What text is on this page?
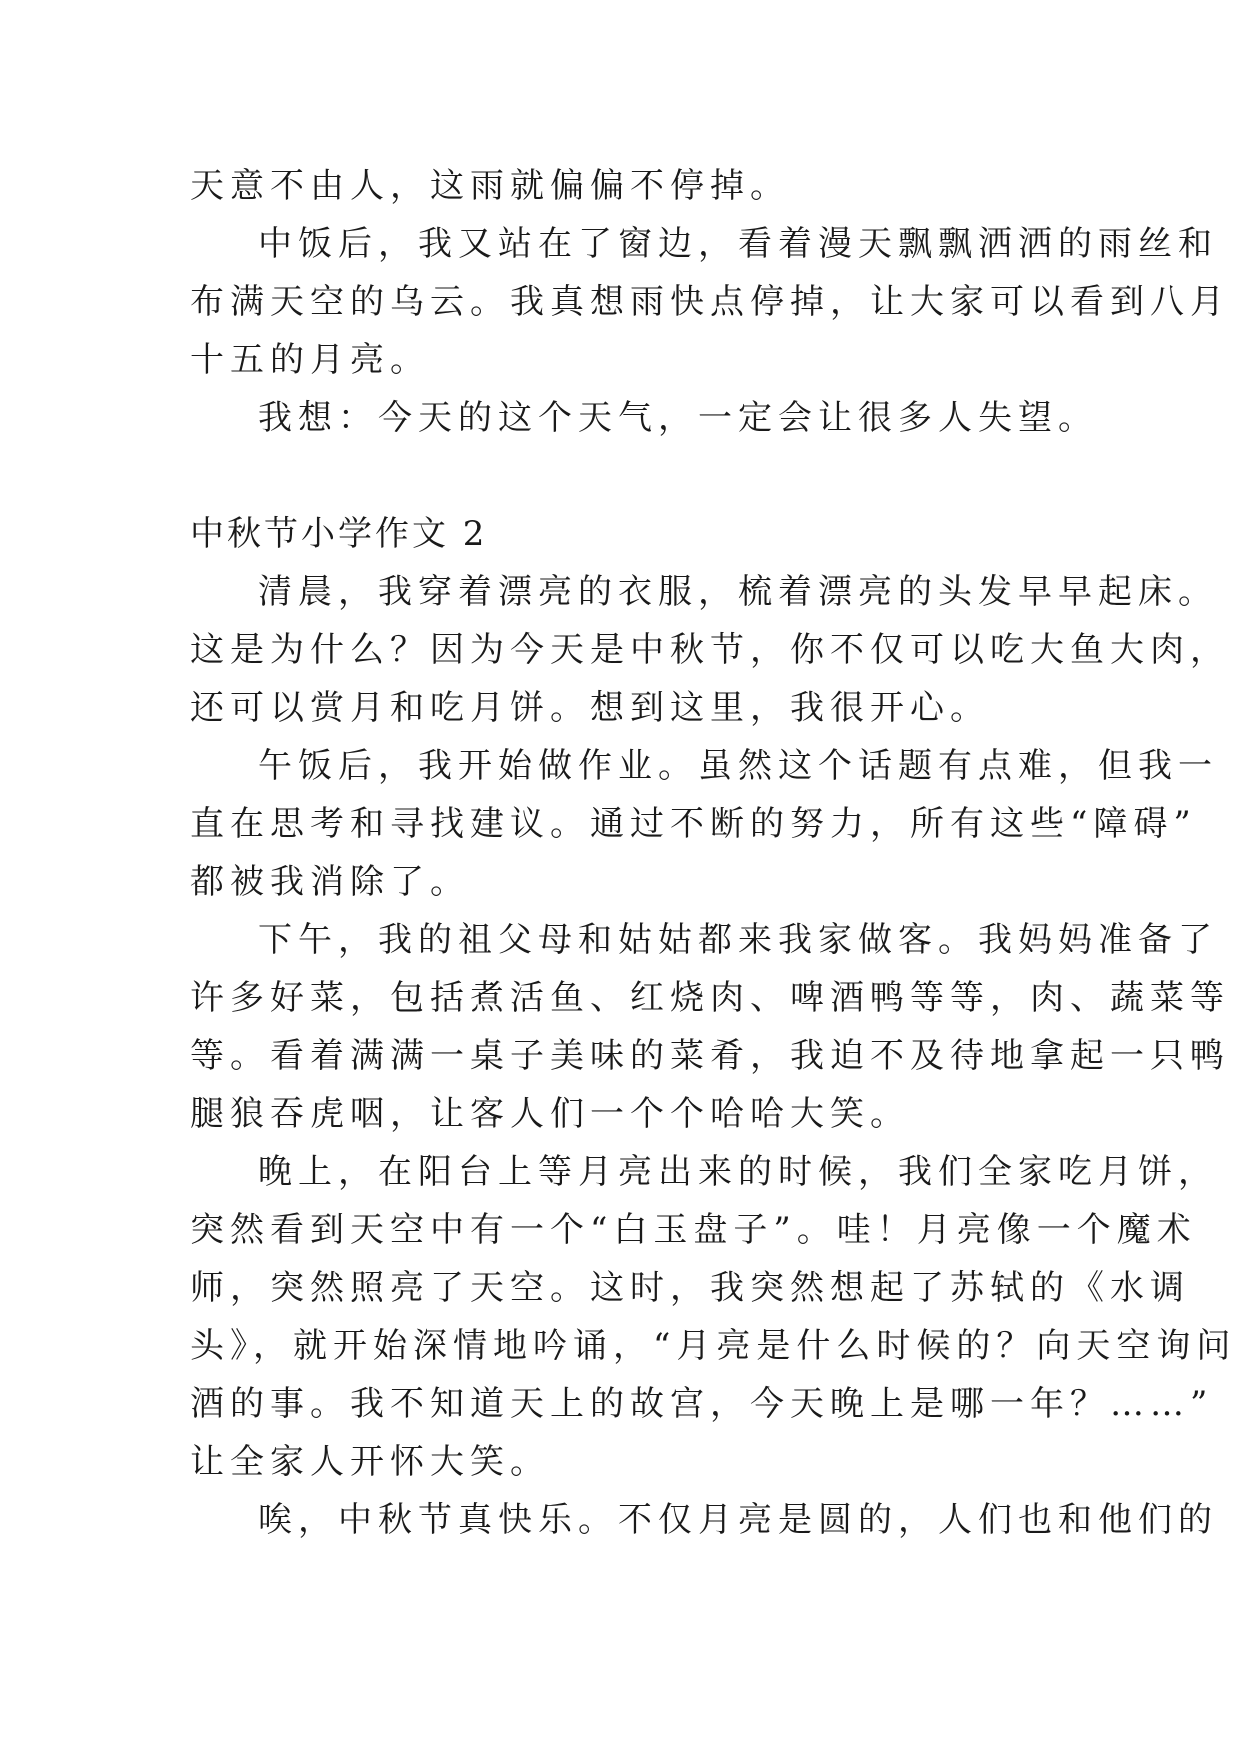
天意不由人，这雨就偏偏不停掉。
中饭后，我又站在了窗边，看着漫天飘飘洒洒的雨丝和
布满天空的乌云。我真想雨快点停掉，让大家可以看到八月
十五的月亮。
我想：今天的这个天气，一定会让很多人失望。
中秋节小学作文 2
清晨，我穿着漂亮的衣服，梳着漂亮的头发早早起床。
这是为什么？因为今天是中秋节，你不仅可以吃大鱼大肉，
还可以赏月和吃月饼。想到这里，我很开心。
午饭后，我开始做作业。虽然这个话题有点难，但我一
直在思考和寻找建议。通过不断的努力，所有这些“障碍”
都被我消除了。
下午，我的祖父母和姑姑都来我家做客。我妈妈准备了
许多好菜，包括煮活鱼、红烧肉、啤酒鸭等等，肉、蔬菜等
等。看着满满一桌子美味的菜肴，我迫不及待地拿起一只鸭
腿狼吞虎咽，让客人们一个个哈哈大笑。
晚上，在阳台上等月亮出来的时候，我们全家吃月饼，
突然看到天空中有一个“白玉盘子”。哇！月亮像一个魔术
师，突然照亮了天空。这时，我突然想起了苏轼的《水调
头》，就开始深情地吟诵，“月亮是什么时候的？向天空询问
酒的事。我不知道天上的故宫，今天晚上是哪一年？……”
让全家人开怀大笑。
唉，中秋节真快乐。不仅月亮是圆的，人们也和他们的
